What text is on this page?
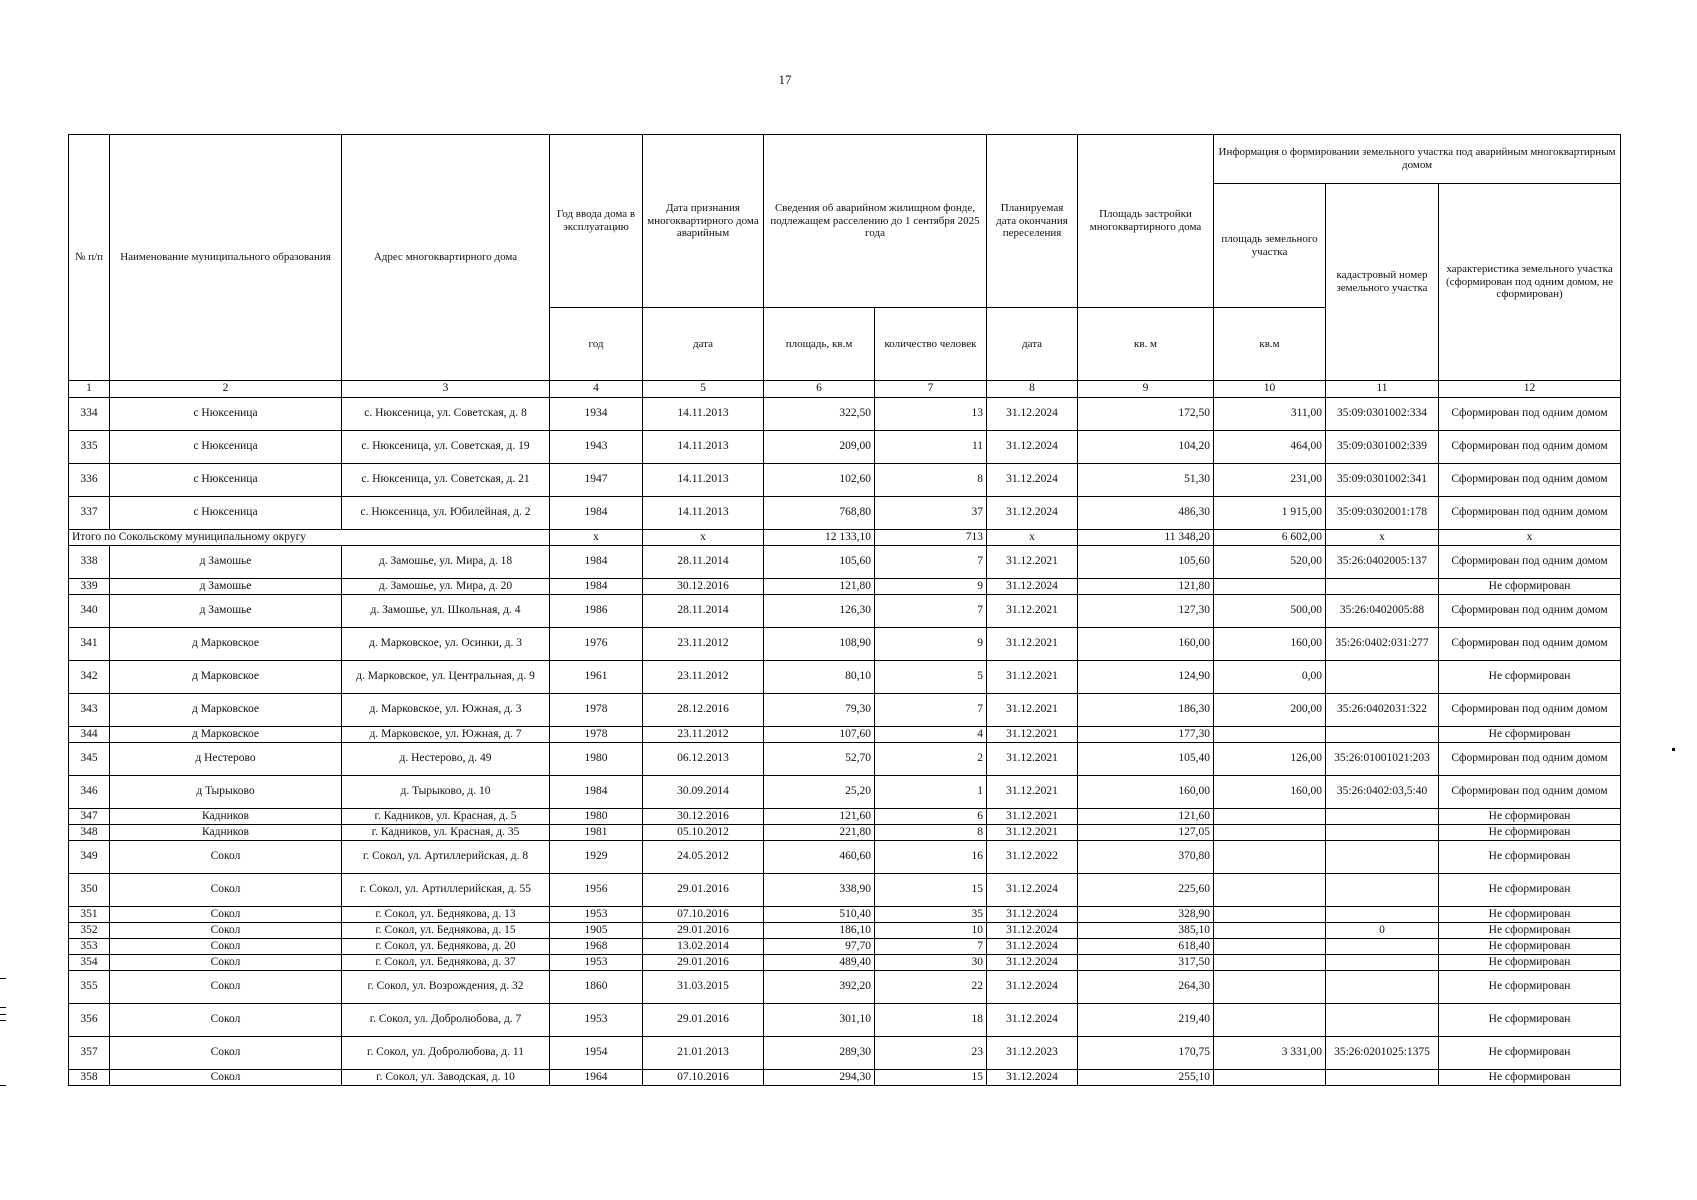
17
№ п/п	Наименование муниципального образования	Адрес многоквартирного дома	Год ввода дома в эксплуатацию	Дата признания многоквартирного дома аварийным	Сведения об аварийном жилищном фонде, подлежащем расселению до 1 сентября 2025 года		Планируемая дата окончания переселения	Площадь застройки многоквартирного дома	Информация о формировании земельного участка под аварийным многоквартирным домом		
									площадь земельного участка	кадастровый номер земельного участка	характеристика земельного участка (сформирован под одним домом, не сформирован)
			год	дата	площадь, кв.м	количество человек	дата	кв. м	кв.м		
1	2	3	4	5	6	7	8	9	10	11	12
334	с Нюксеница	с. Нюксеница, ул. Советская, д. 8	1934	14.11.2013	322,50	13	31.12.2024	172,50	311,00	35:09:0301002:334	Сформирован под одним домом
335	с Нюксеница	с. Нюксеница, ул. Советская, д. 19	1943	14.11.2013	209,00	11	31.12.2024	104,20	464,00	35:09:0301002:339	Сформирован под одним домом
336	с Нюксеница	с. Нюксеница, ул. Советская, д. 21	1947	14.11.2013	102,60	8	31.12.2024	51,30	231,00	35:09:0301002:341	Сформирован под одним домом
337	с Нюксеница	с. Нюксеница, ул. Юбилейная, д. 2	1984	14.11.2013	768,80	37	31.12.2024	486,30	1 915,00	35:09:0302001:178	Сформирован под одним домом
Итого по Сокольскому муниципальному округу			х	х	12 133,10	713	х	11 348,20	6 602,00	х	х
338	д Замошье	д. Замошье, ул. Мира, д. 18	1984	28.11.2014	105,60	7	31.12.2021	105,60	520,00	35:26:0402005:137	Сформирован под одним домом
339	д Замошье	д. Замошье, ул. Мира, д. 20	1984	30.12.2016	121,80	9	31.12.2024	121,80			Не сформирован
340	д Замошье	д. Замошье, ул. Школьная, д. 4	1986	28.11.2014	126,30	7	31.12.2021	127,30	500,00	35:26:0402005:88	Сформирован под одним домом
341	д Марковское	д. Марковское, ул. Осинки, д. 3	1976	23.11.2012	108,90	9	31.12.2021	160,00	160,00	35:26:0402:031:277	Сформирован под одним домом
342	д Марковское	д. Марковское, ул. Центральная, д. 9	1961	23.11.2012	80,10	5	31.12.2021	124,90	0,00		Не сформирован
343	д Марковское	д. Марковское, ул. Южная, д. 3	1978	28.12.2016	79,30	7	31.12.2021	186,30	200,00	35:26:0402031:322	Сформирован под одним домом
344	д Марковское	д. Марковское, ул. Южная, д. 7	1978	23.11.2012	107,60	4	31.12.2021	177,30			Не сформирован
345	д Нестерово	д. Нестерово, д. 49	1980	06.12.2013	52,70	2	31.12.2021	105,40	126,00	35:26:01001021:203	Сформирован под одним домом
346	д Тырыково	д. Тырыково, д. 10	1984	30.09.2014	25,20	1	31.12.2021	160,00	160,00	35:26:0402:03,5:40	Сформирован под одним домом
347	Кадников	г. Кадников, ул. Красная, д. 5	1980	30.12.2016	121,60	6	31.12.2021	121,60			Не сформирован
348	Кадников	г. Кадников, ул. Красная, д. 35	1981	05.10.2012	221,80	8	31.12.2021	127,05			Не сформирован
349	Сокол	г. Сокол, ул. Артиллерийская, д. 8	1929	24.05.2012	460,60	16	31.12.2022	370,80			Не сформирован
350	Сокол	г. Сокол, ул. Артиллерийская, д. 55	1956	29.01.2016	338,90	15	31.12.2024	225,60			Не сформирован
351	Сокол	г. Сокол, ул. Беднякова, д. 13	1953	07.10.2016	510,40	35	31.12.2024	328,90			Не сформирован
352	Сокол	г. Сокол, ул. Беднякова, д. 15	1905	29.01.2016	186,10	10	31.12.2024	385,10		0	Не сформирован
353	Сокол	г. Сокол, ул. Беднякова, д. 20	1968	13.02.2014	97,70	7	31.12.2024	618,40			Не сформирован
354	Сокол	г. Сокол, ул. Беднякова, д. 37	1953	29.01.2016	489,40	30	31.12.2024	317,50			Не сформирован
355	Сокол	г. Сокол, ул. Возрождения, д. 32	1860	31.03.2015	392,20	22	31.12.2024	264,30			Не сформирован
356	Сокол	г. Сокол, ул. Добролюбова, д. 7	1953	29.01.2016	301,10	18	31.12.2024	219,40			Не сформирован
357	Сокол	г. Сокол, ул. Добролюбова, д. 11	1954	21.01.2013	289,30	23	31.12.2023	170,75	3 331,00	35:26:0201025:1375	Не сформирован
358	Сокол	г. Сокол, ул. Заводская, д. 10	1964	07.10.2016	294,30	15	31.12.2024	255,10			Не сформирован
